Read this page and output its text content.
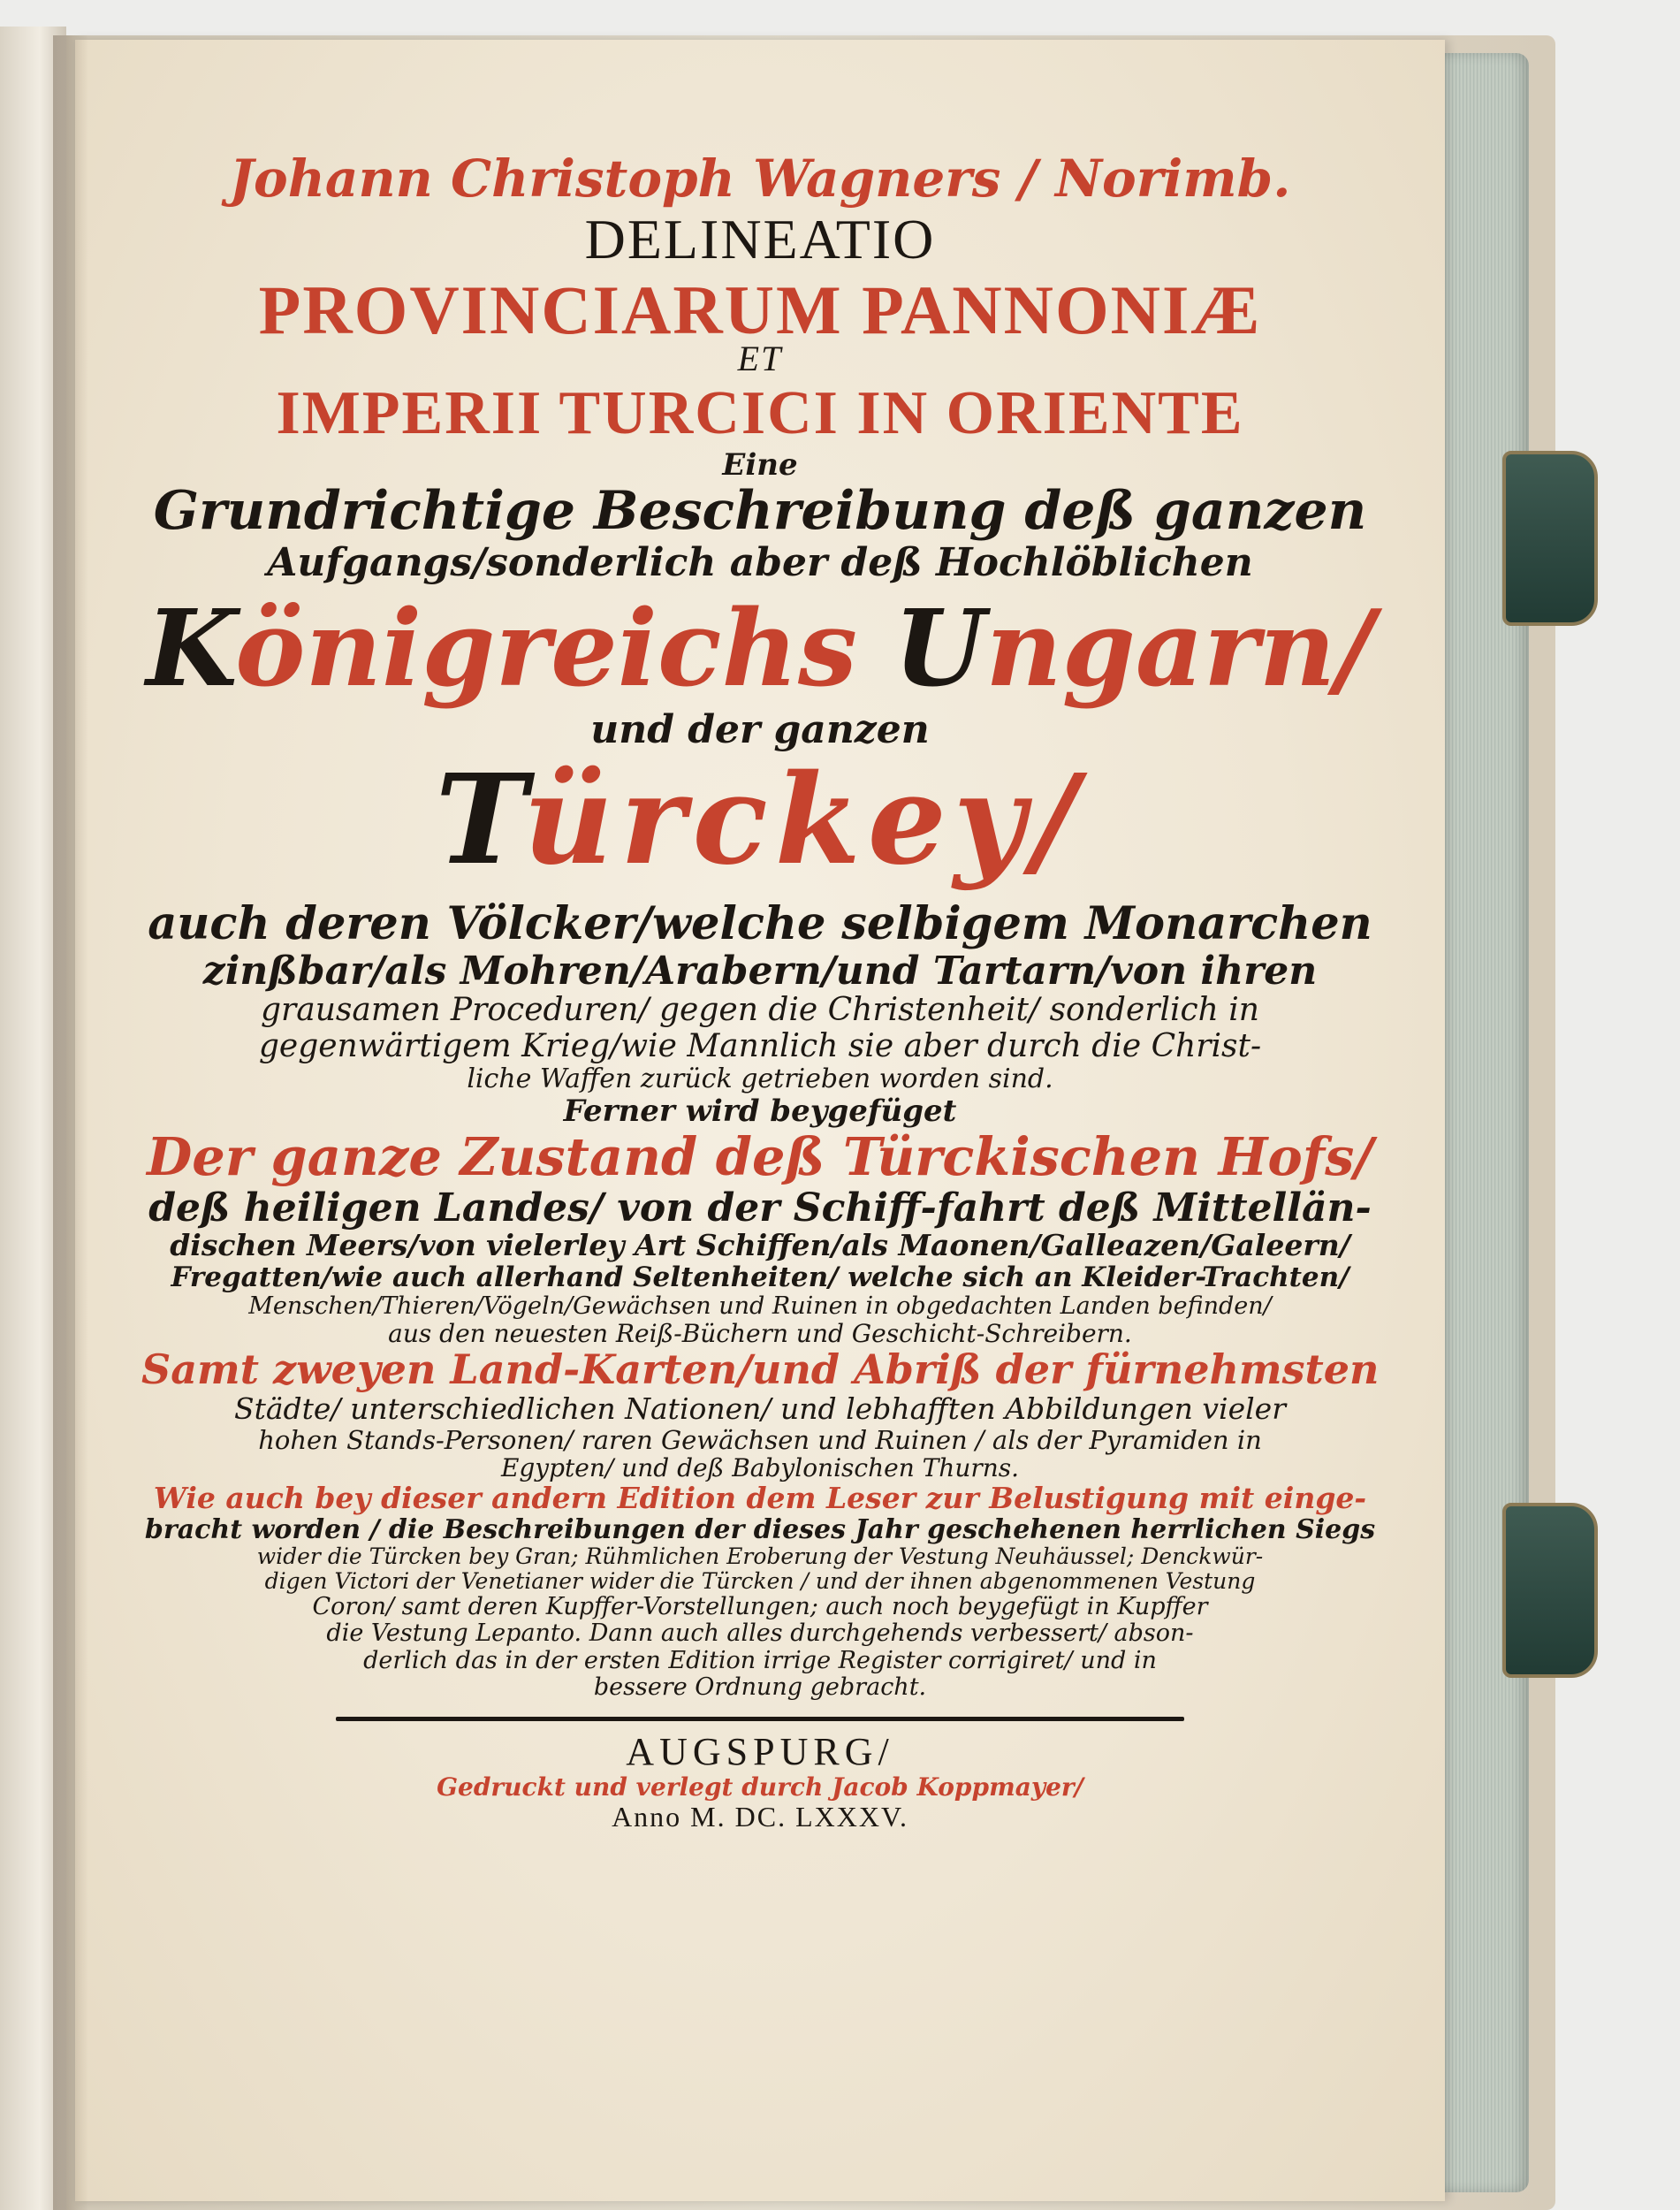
Johann Christoph Wagners / Norimb.

DELINEATIO

PROVINCIARUM PANNONIÆ

ET

IMPERII TURCICI IN ORIENTE

Eine

Grundrichtige Beschreibung deß ganzen

Aufgangs/sonderlich aber deß Hochlöblichen

Königreichs Ungarn/

und der ganzen

Türckey/

auch deren Völcker/welche selbigem Monarchen

zinßbar/als Mohren/Arabern/und Tartarn/von ihren

grausamen Proceduren/ gegen die Christenheit/ sonderlich in

gegenwärtigem Krieg/wie Mannlich sie aber durch die Christ-

liche Waffen zurück getrieben worden sind.

Ferner wird beygefüget

Der ganze Zustand deß Türckischen Hofs/

deß heiligen Landes/ von der Schiff-fahrt deß Mittellän-

dischen Meers/von vielerley Art Schiffen/als Maonen/Galleazen/Galeern/

Fregatten/wie auch allerhand Seltenheiten/ welche sich an Kleider-Trachten/

Menschen/Thieren/Vögeln/Gewächsen und Ruinen in obgedachten Landen befinden/

aus den neuesten Reiß-Büchern und Geschicht-Schreibern.

Samt zweyen Land-Karten/und Abriß der fürnehmsten

Städte/ unterschiedlichen Nationen/ und lebhafften Abbildungen vieler

hohen Stands-Personen/ raren Gewächsen und Ruinen / als der Pyramiden in

Egypten/ und deß Babylonischen Thurns.

Wie auch bey dieser andern Edition dem Leser zur Belustigung mit einge-

bracht worden / die Beschreibungen der dieses Jahr geschehenen herrlichen Siegs

wider die Türcken bey Gran; Rühmlichen Eroberung der Vestung Neuhäussel; Denckwür-

digen Victori der Venetianer wider die Türcken / und der ihnen abgenommenen Vestung

Coron/ samt deren Kupffer-Vorstellungen; auch noch beygefügt in Kupffer

die Vestung Lepanto. Dann auch alles durchgehends verbessert/ abson-

derlich das in der ersten Edition irrige Register corrigiret/ und in

bessere Ordnung gebracht.

AUGSPURG/

Gedruckt und verlegt durch Jacob Koppmayer/

Anno M. DC. LXXXV.
